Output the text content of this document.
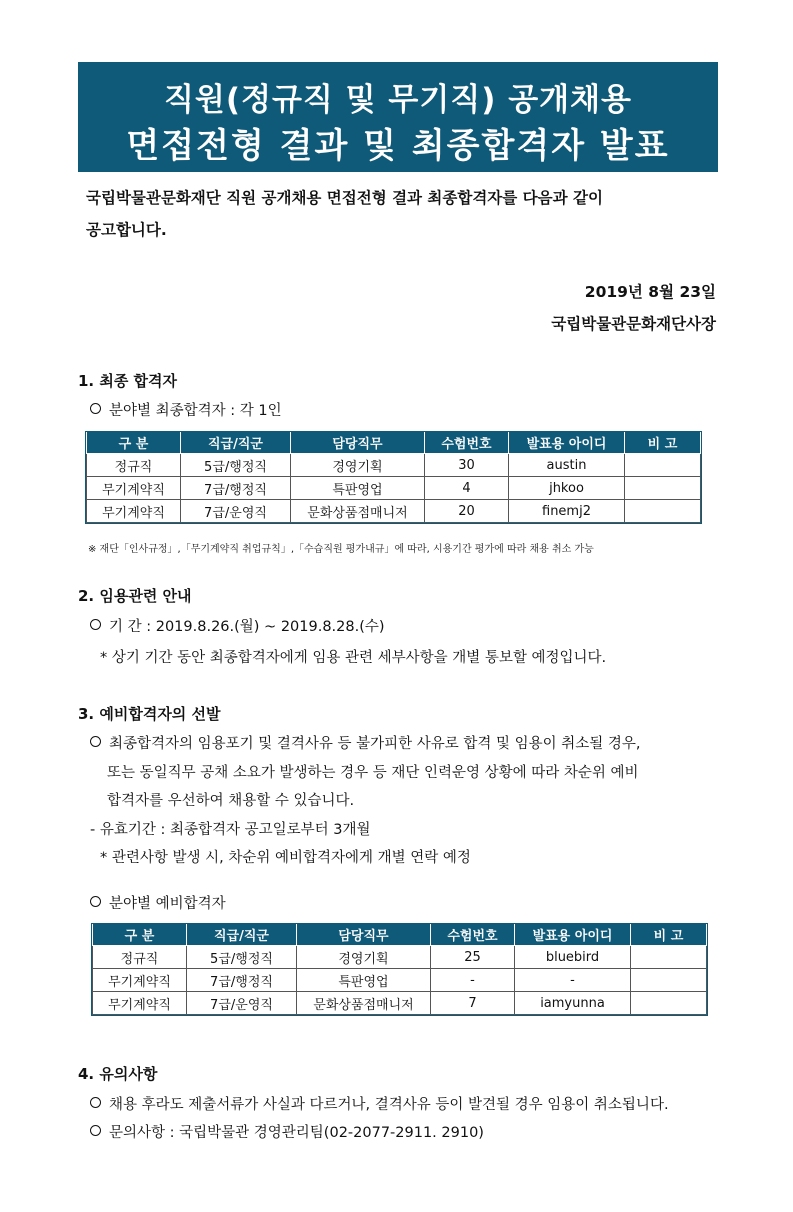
직원(정규직 및 무기직) 공개채용
면접전형 결과 및 최종합격자 발표
국립박물관문화재단 직원 공개채용 면접전형 결과 최종합격자를 다음과 같이
공고합니다.
2019년 8월 23일
국립박물관문화재단사장
1. 최종 합격자
분야별 최종합격자 : 각 1인
구 분	직급/직군	담당직무	수험번호	발표용 아이디	비 고
정규직	5급/행정직	경영기획	30	austin	
무기계약직	7급/행정직	특판영업	4	jhkoo	
무기계약직	7급/운영직	문화상품점매니저	20	finemj2	
※ 재단「인사규정」,「무기계약직 취업규칙」,「수습직원 평가내규」에 따라, 시용기간 평가에 따라 채용 취소 가능
2. 임용관련 안내
기 간 : 2019.8.26.(월) ~ 2019.8.28.(수)
* 상기 기간 동안 최종합격자에게 임용 관련 세부사항을 개별 통보할 예정입니다.
3. 예비합격자의 선발
최종합격자의 임용포기 및 결격사유 등 불가피한 사유로 합격 및 임용이 취소될 경우,
또는 동일직무 공채 소요가 발생하는 경우 등 재단 인력운영 상황에 따라 차순위 예비
합격자를 우선하여 채용할 수 있습니다.
- 유효기간 : 최종합격자 공고일로부터 3개월
* 관련사항 발생 시, 차순위 예비합격자에게 개별 연락 예정
분야별 예비합격자
구 분	직급/직군	담당직무	수험번호	발표용 아이디	비 고
정규직	5급/행정직	경영기획	25	bluebird	
무기계약직	7급/행정직	특판영업	-	-	
무기계약직	7급/운영직	문화상품점매니저	7	iamyunna	
4. 유의사항
채용 후라도 제출서류가 사실과 다르거나, 결격사유 등이 발견될 경우 임용이 취소됩니다.
문의사항 : 국립박물관 경영관리팀(02-2077-2911. 2910)
